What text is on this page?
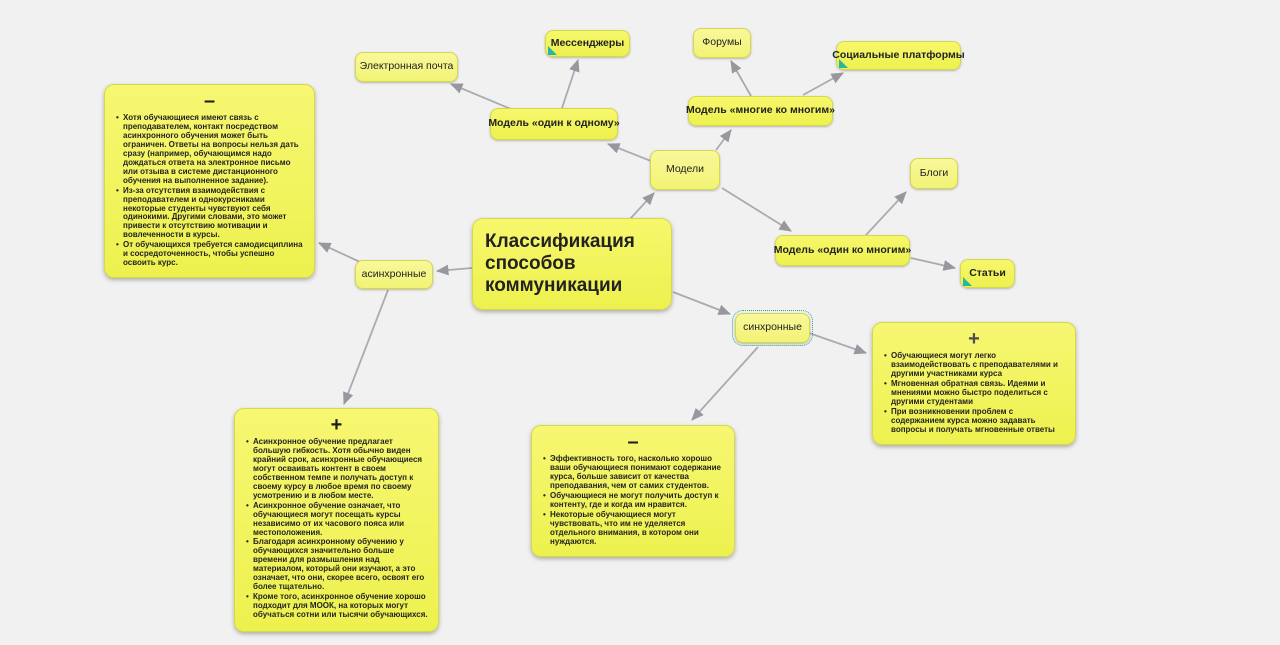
Классификация способов коммуникации
Модели
Модель «один к одному»
Модель «многие ко многим»
Модель «один ко многим»
Электронная почта
Мессенджеры	Форумы
Социальные платформы
Блоги
Статьи
асинхронные
синхронные
–
• Хотя обучающиеся имеют связь с преподавателем, контакт посредством асинхронного обучения может быть ограничен. Ответы на вопросы нельзя дать сразу (например, обучающимся надо дождаться ответа на электронное письмо или отзыва в системе дистанционного обучения на выполненное задание).
• Из-за отсутствия взаимодействия с преподавателем и однокурсниками некоторые студенты чувствуют себя одинокими. Другими словами, это может привести к отсутствию мотивации и вовлеченности в курсы.
• От обучающихся требуется самодисциплина и сосредоточенность, чтобы успешно освоить курс.
+
• Асинхронное обучение предлагает большую гибкость. Хотя обычно виден крайний срок, асинхронные обучающиеся могут осваивать контент в своем собственном темпе и получать доступ к своему курсу в любое время по своему усмотрению и в любом месте.
• Асинхронное обучение означает, что обучающиеся могут посещать курсы независимо от их часового пояса или местоположения.
• Благодаря асинхронному обучению у обучающихся значительно больше времени для размышления над материалом, который они изучают, а это означает, что они, скорее всего, освоят его более тщательно.
• Кроме того, асинхронное обучение хорошо подходит для МООК, на которых могут обучаться сотни или тысячи обучающихся.
–
• Эффективность того, насколько хорошо ваши обучающиеся понимают содержание курса, больше зависит от качества преподавания, чем от самих студентов.
• Обучающиеся не могут получить доступ к контенту, где и когда им нравится.
• Некоторые обучающиеся могут чувствовать, что им не уделяется отдельного внимания, в котором они нуждаются.
+
• Обучающиеся могут легко взаимодействовать с преподавателями и другими участниками курса
• Мгновенная обратная связь. Идеями и мнениями можно быстро поделиться с другими студентами
• При возникновении проблем с содержанием курса можно задавать вопросы и получать мгновенные ответы
